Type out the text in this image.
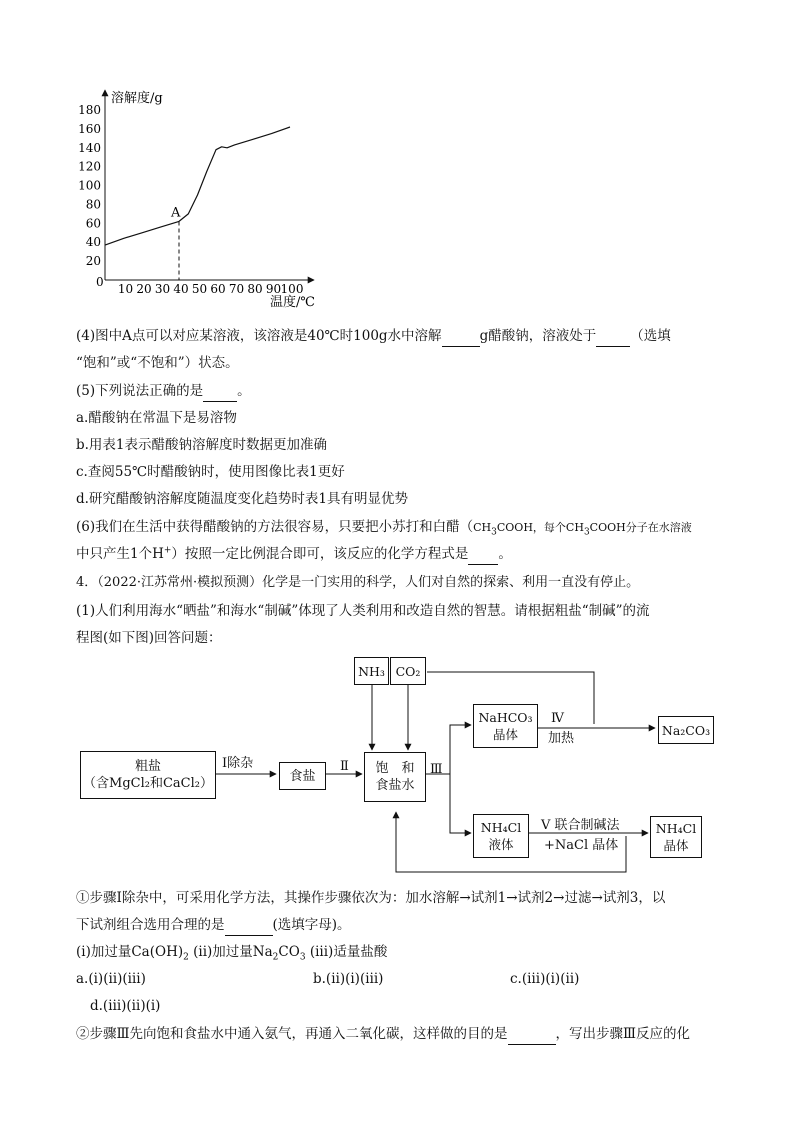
溶解度/g
温度/℃
0
20
40
60
80
100
120
140
160
180
10 20 30 40 50 60 70 80 90 100
A
(4)图中A点可以对应某溶液，该溶液是40℃时100g水中溶解	g醋酸钠，溶液处于	（选填
“饱和”或“不饱和”）状态。
(5)下列说法正确的是	。
a.醋酸钠在常温下是易溶物
b.用表1表示醋酸钠溶解度时数据更加准确
c.查阅55℃时醋酸钠时，使用图像比表1更好
d.研究醋酸钠溶解度随温度变化趋势时表1具有明显优势
(6)我们在生活中获得醋酸钠的方法很容易，只要把小苏打和白醋（$CH_3COOH$，每个$CH_3COOH$分子在水溶液
中只产生1个H+）按照一定比例混合即可，该反应的化学方程式是 。
4．（2022·江苏常州·模拟预测）化学是一门实用的科学，人们对自然的探索、利用一直没有停止。
(1)人们利用海水“晒盐”和海水“制碱”体现了人类利用和改造自然的智慧。请根据粗盐“制碱”的流
程图(如下图)回答问题：
NH₃ CO₂
粗盐
（含MgCl₂和CaCl₂）
Ⅰ除杂
食盐
Ⅱ 饱　和
食盐水
Ⅲ
NaHCO₃
晶体
Ⅳ
加热
Na₂CO₃
NH₄Cl
液体
Ⅴ 联合制碱法
+NaCl 晶体
NH₄Cl
晶体
①步骤Ⅰ除杂中，可采用化学方法，其操作步骤依次为：加水溶解→试剂1→试剂2→过滤→试剂3，以
下试剂组合选用合理的是	(选填字母)。
(i)加过量$Ca(OH)_2$ (ii)加过量$Na_2CO_3$ (iii)适量盐酸
a.(ⅰ)(ⅱ)(ⅲ)	b.(ⅱ)(ⅰ)(ⅲ)	c.(ⅲ)(ⅰ)(ⅱ)
d.(ⅲ)(ⅱ)(ⅰ)
②步骤Ⅲ先向饱和食盐水中通入氨气，再通入二氧化碳，这样做的目的是	，写出步骤Ⅲ反应的化
